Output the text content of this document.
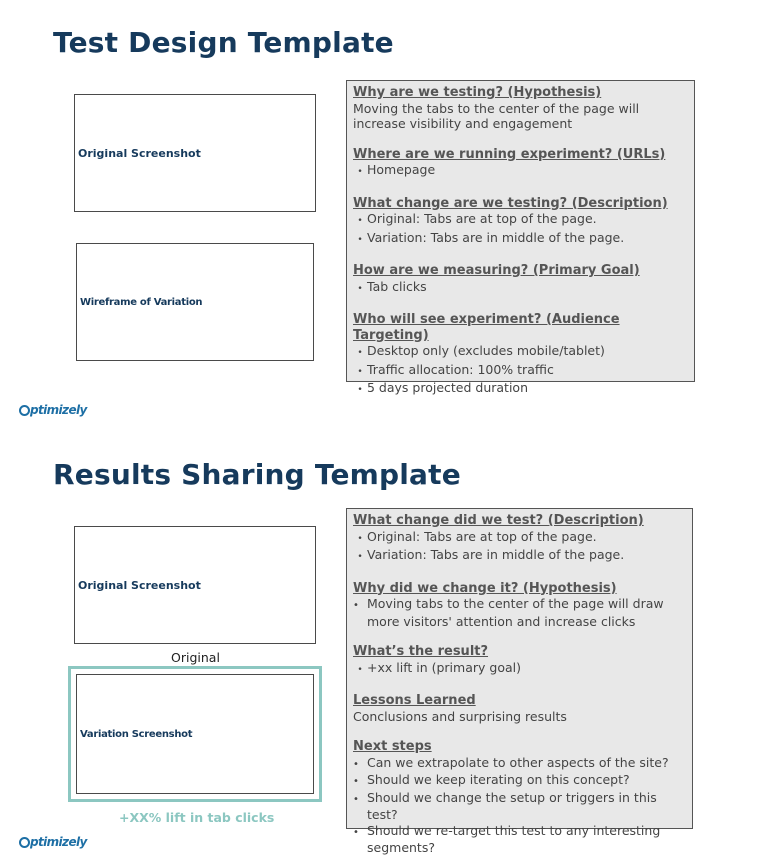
Test Design Template
Original Screenshot
Wireframe of Variation
Why are we testing? (Hypothesis)

Moving the tabs to the center of the page will increase visibility and engagement

Where are we running experiment? (URLs)
• Homepage
What change are we testing? (Description)
• Original: Tabs are at top of the page.
• Variation: Tabs are in middle of the page.
How are we measuring? (Primary Goal)
• Tab clicks
Who will see experiment? (Audience Targeting)
• Desktop only (excludes mobile/tablet)
• Traffic allocation: 100% traffic
• 5 days projected duration
ptimizely
Results Sharing Template
Original Screenshot
Original
Variation Screenshot
+XX% lift in tab clicks
What change did we test? (Description)
• Original: Tabs are at top of the page.
• Variation: Tabs are in middle of the page.
Why did we change it? (Hypothesis)
• Moving tabs to the center of the page will draw more visitors' attention and increase clicks
What’s the result?
• +xx lift in (primary goal)
Lessons Learned

Conclusions and surprising results

Next steps
• Can we extrapolate to other aspects of the site?
• Should we keep iterating on this concept?
• Should we change the setup or triggers in this test?
• Should we re-target this test to any interesting segments?
ptimizely
